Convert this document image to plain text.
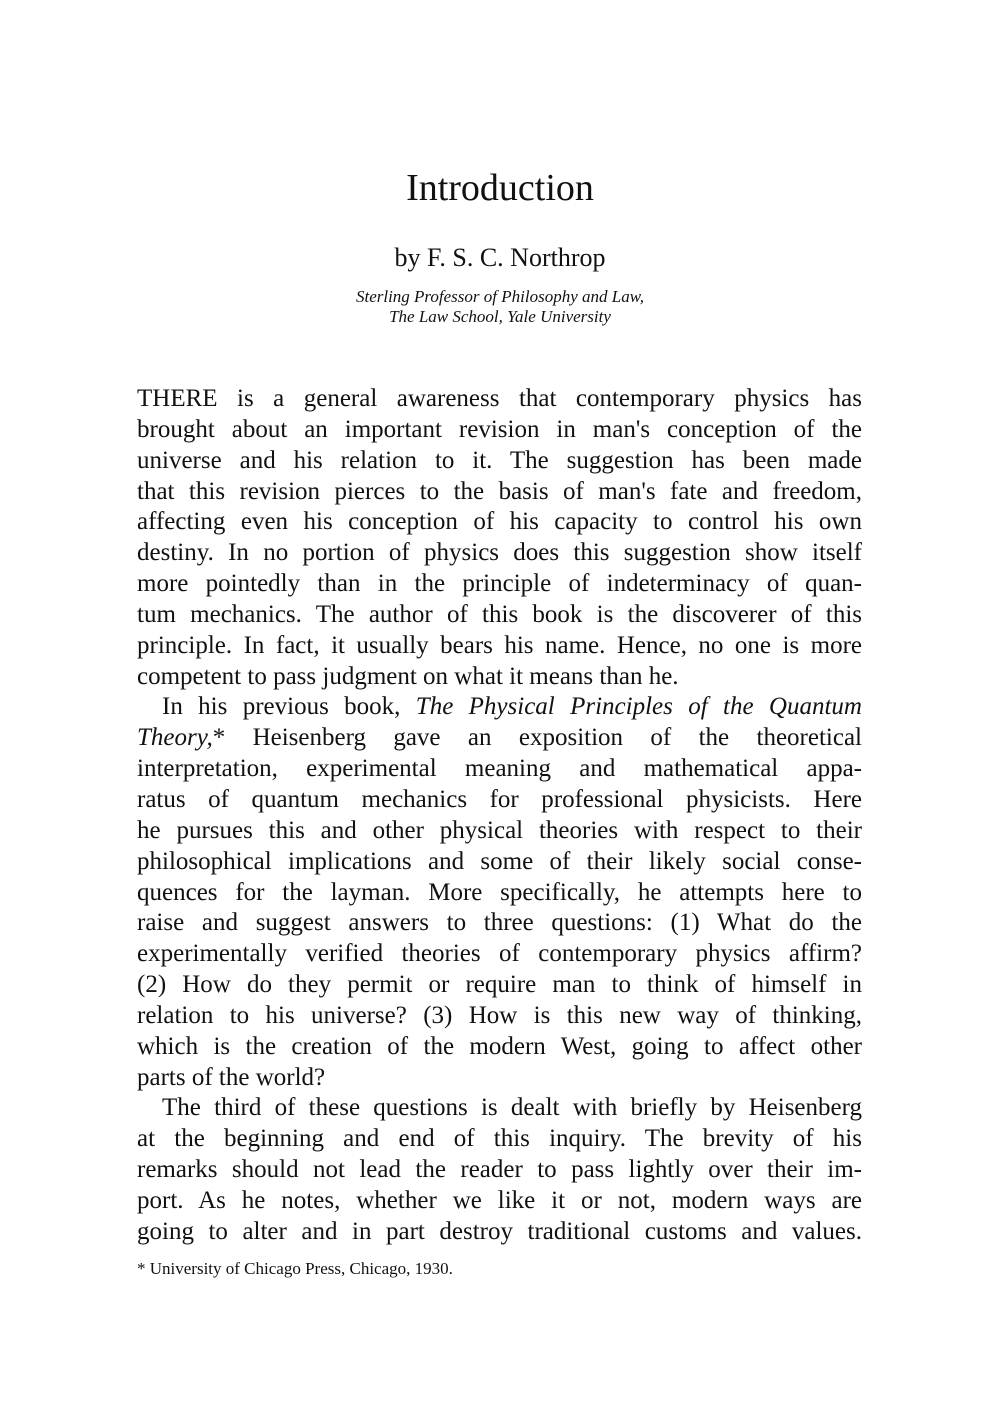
Introduction
by F. S. C. Northrop
Sterling Professor of Philosophy and Law,
The Law School, Yale University
THERE is a general awareness that contemporary physics has
brought about an important revision in man's conception of the
universe and his relation to it. The suggestion has been made
that this revision pierces to the basis of man's fate and freedom,
affecting even his conception of his capacity to control his own
destiny. In no portion of physics does this suggestion show itself
more pointedly than in the principle of indeterminacy of quan-
tum mechanics. The author of this book is the discoverer of this
principle. In fact, it usually bears his name. Hence, no one is more
competent to pass judgment on what it means than he.
 In his previous book, The Physical Principles of the Quantum
Theory,* Heisenberg gave an exposition of the theoretical
interpretation, experimental meaning and mathematical appa-
ratus of quantum mechanics for professional physicists. Here
he pursues this and other physical theories with respect to their
philosophical implications and some of their likely social conse-
quences for the layman. More specifically, he attempts here to
raise and suggest answers to three questions: (1) What do the
experimentally verified theories of contemporary physics affirm?
(2) How do they permit or require man to think of himself in
relation to his universe? (3) How is this new way of thinking,
which is the creation of the modern West, going to affect other
parts of the world?
 The third of these questions is dealt with briefly by Heisenberg
at the beginning and end of this inquiry. The brevity of his
remarks should not lead the reader to pass lightly over their im-
port. As he notes, whether we like it or not, modern ways are
going to alter and in part destroy traditional customs and values.
* University of Chicago Press, Chicago, 1930.
